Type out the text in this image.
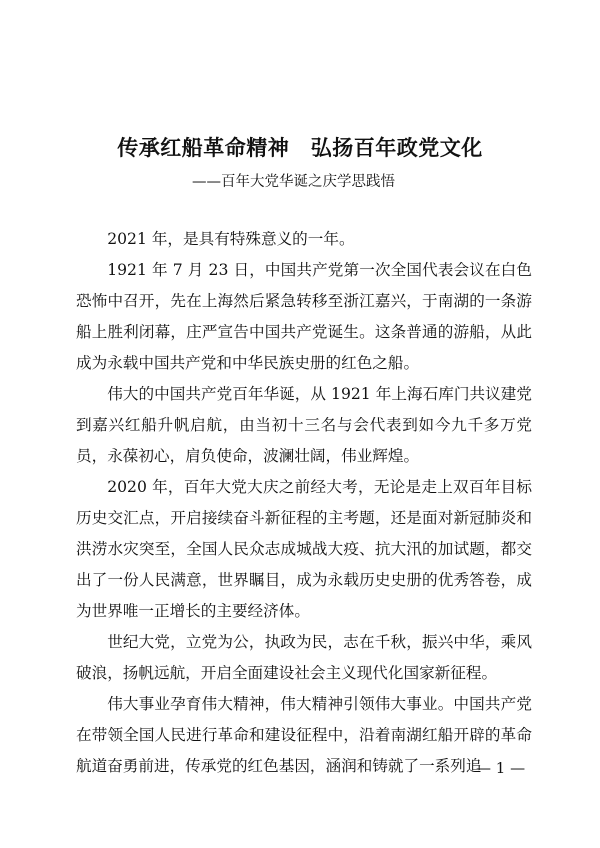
传承红船革命精神　弘扬百年政党文化
——百年大党华诞之庆学思践悟

2021 年，是具有特殊意义的一年。

1921 年 7 月 23 日，中国共产党第一次全国代表会议在白色恐怖中召开，先在上海然后紧急转移至浙江嘉兴，于南湖的一条游船上胜利闭幕，庄严宣告中国共产党诞生。这条普通的游船，从此成为永载中国共产党和中华民族史册的红色之船。

伟大的中国共产党百年华诞，从 1921 年上海石库门共议建党到嘉兴红船升帆启航，由当初十三名与会代表到如今九千多万党员，永葆初心，肩负使命，波澜壮阔，伟业辉煌。

2020 年，百年大党大庆之前经大考，无论是走上双百年目标历史交汇点，开启接续奋斗新征程的主考题，还是面对新冠肺炎和洪涝水灾突至，全国人民众志成城战大疫、抗大汛的加试题，都交出了一份人民满意，世界瞩目，成为永载历史史册的优秀答卷，成为世界唯一正增长的主要经济体。

世纪大党，立党为公，执政为民，志在千秋，振兴中华，乘风破浪，扬帆远航，开启全面建设社会主义现代化国家新征程。

伟大事业孕育伟大精神，伟大精神引领伟大事业。中国共产党在带领全国人民进行革命和建设征程中，沿着南湖红船开辟的革命航道奋勇前进，传承党的红色基因，涵润和铸就了一系列追

— 1 —
